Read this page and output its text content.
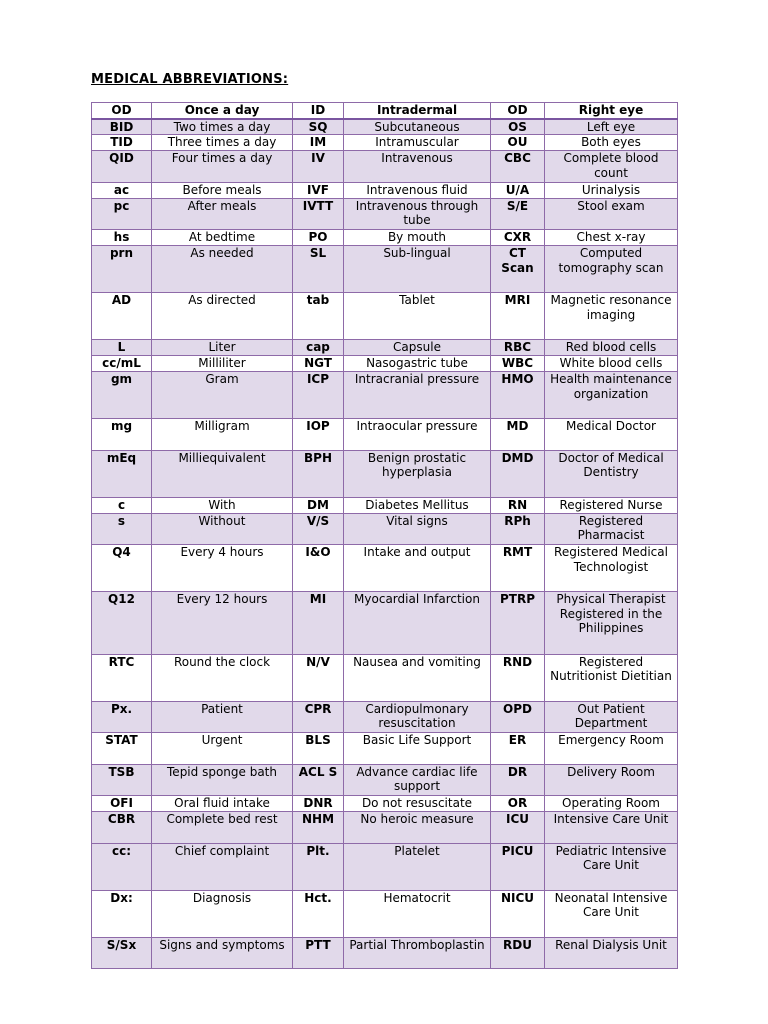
MEDICAL ABBREVIATIONS:
OD	Once a day	ID	Intradermal	OD	Right eye
BID	Two times a day	SQ	Subcutaneous	OS	Left eye
TID	Three times a day	IM	Intramuscular	OU	Both eyes
QID	Four times a day	IV	Intravenous	CBC	Complete blood count
ac	Before meals	IVF	Intravenous fluid	U/A	Urinalysis
pc	After meals	IVTT	Intravenous through tube	S/E	Stool exam
hs	At bedtime	PO	By mouth	CXR	Chest x-ray
prn	As needed	SL	Sub-lingual	CT Scan	Computed tomography scan
AD	As directed	tab	Tablet	MRI	Magnetic resonance imaging
L	Liter	cap	Capsule	RBC	Red blood cells
cc/mL	Milliliter	NGT	Nasogastric tube	WBC	White blood cells
gm	Gram	ICP	Intracranial pressure	HMO	Health maintenance organization
mg	Milligram	IOP	Intraocular pressure	MD	Medical Doctor
mEq	Milliequivalent	BPH	Benign prostatic hyperplasia	DMD	Doctor of Medical Dentistry
c	With	DM	Diabetes Mellitus	RN	Registered Nurse
s	Without	V/S	Vital signs	RPh	Registered Pharmacist
Q4	Every 4 hours	I&O	Intake and output	RMT	Registered Medical Technologist
Q12	Every 12 hours	MI	Myocardial Infarction	PTRP	Physical Therapist Registered in the Philippines
RTC	Round the clock	N/V	Nausea and vomiting	RND	Registered Nutritionist Dietitian
Px.	Patient	CPR	Cardiopulmonary resuscitation	OPD	Out Patient Department
STAT	Urgent	BLS	Basic Life Support	ER	Emergency Room
TSB	Tepid sponge bath	ACL S	Advance cardiac life support	DR	Delivery Room
OFI	Oral fluid intake	DNR	Do not resuscitate	OR	Operating Room
CBR	Complete bed rest	NHM	No heroic measure	ICU	Intensive Care Unit
cc:	Chief complaint	Plt.	Platelet	PICU	Pediatric Intensive Care Unit
Dx:	Diagnosis	Hct.	Hematocrit	NICU	Neonatal Intensive Care Unit
S/Sx	Signs and symptoms	PTT	Partial Thromboplastin	RDU	Renal Dialysis Unit
